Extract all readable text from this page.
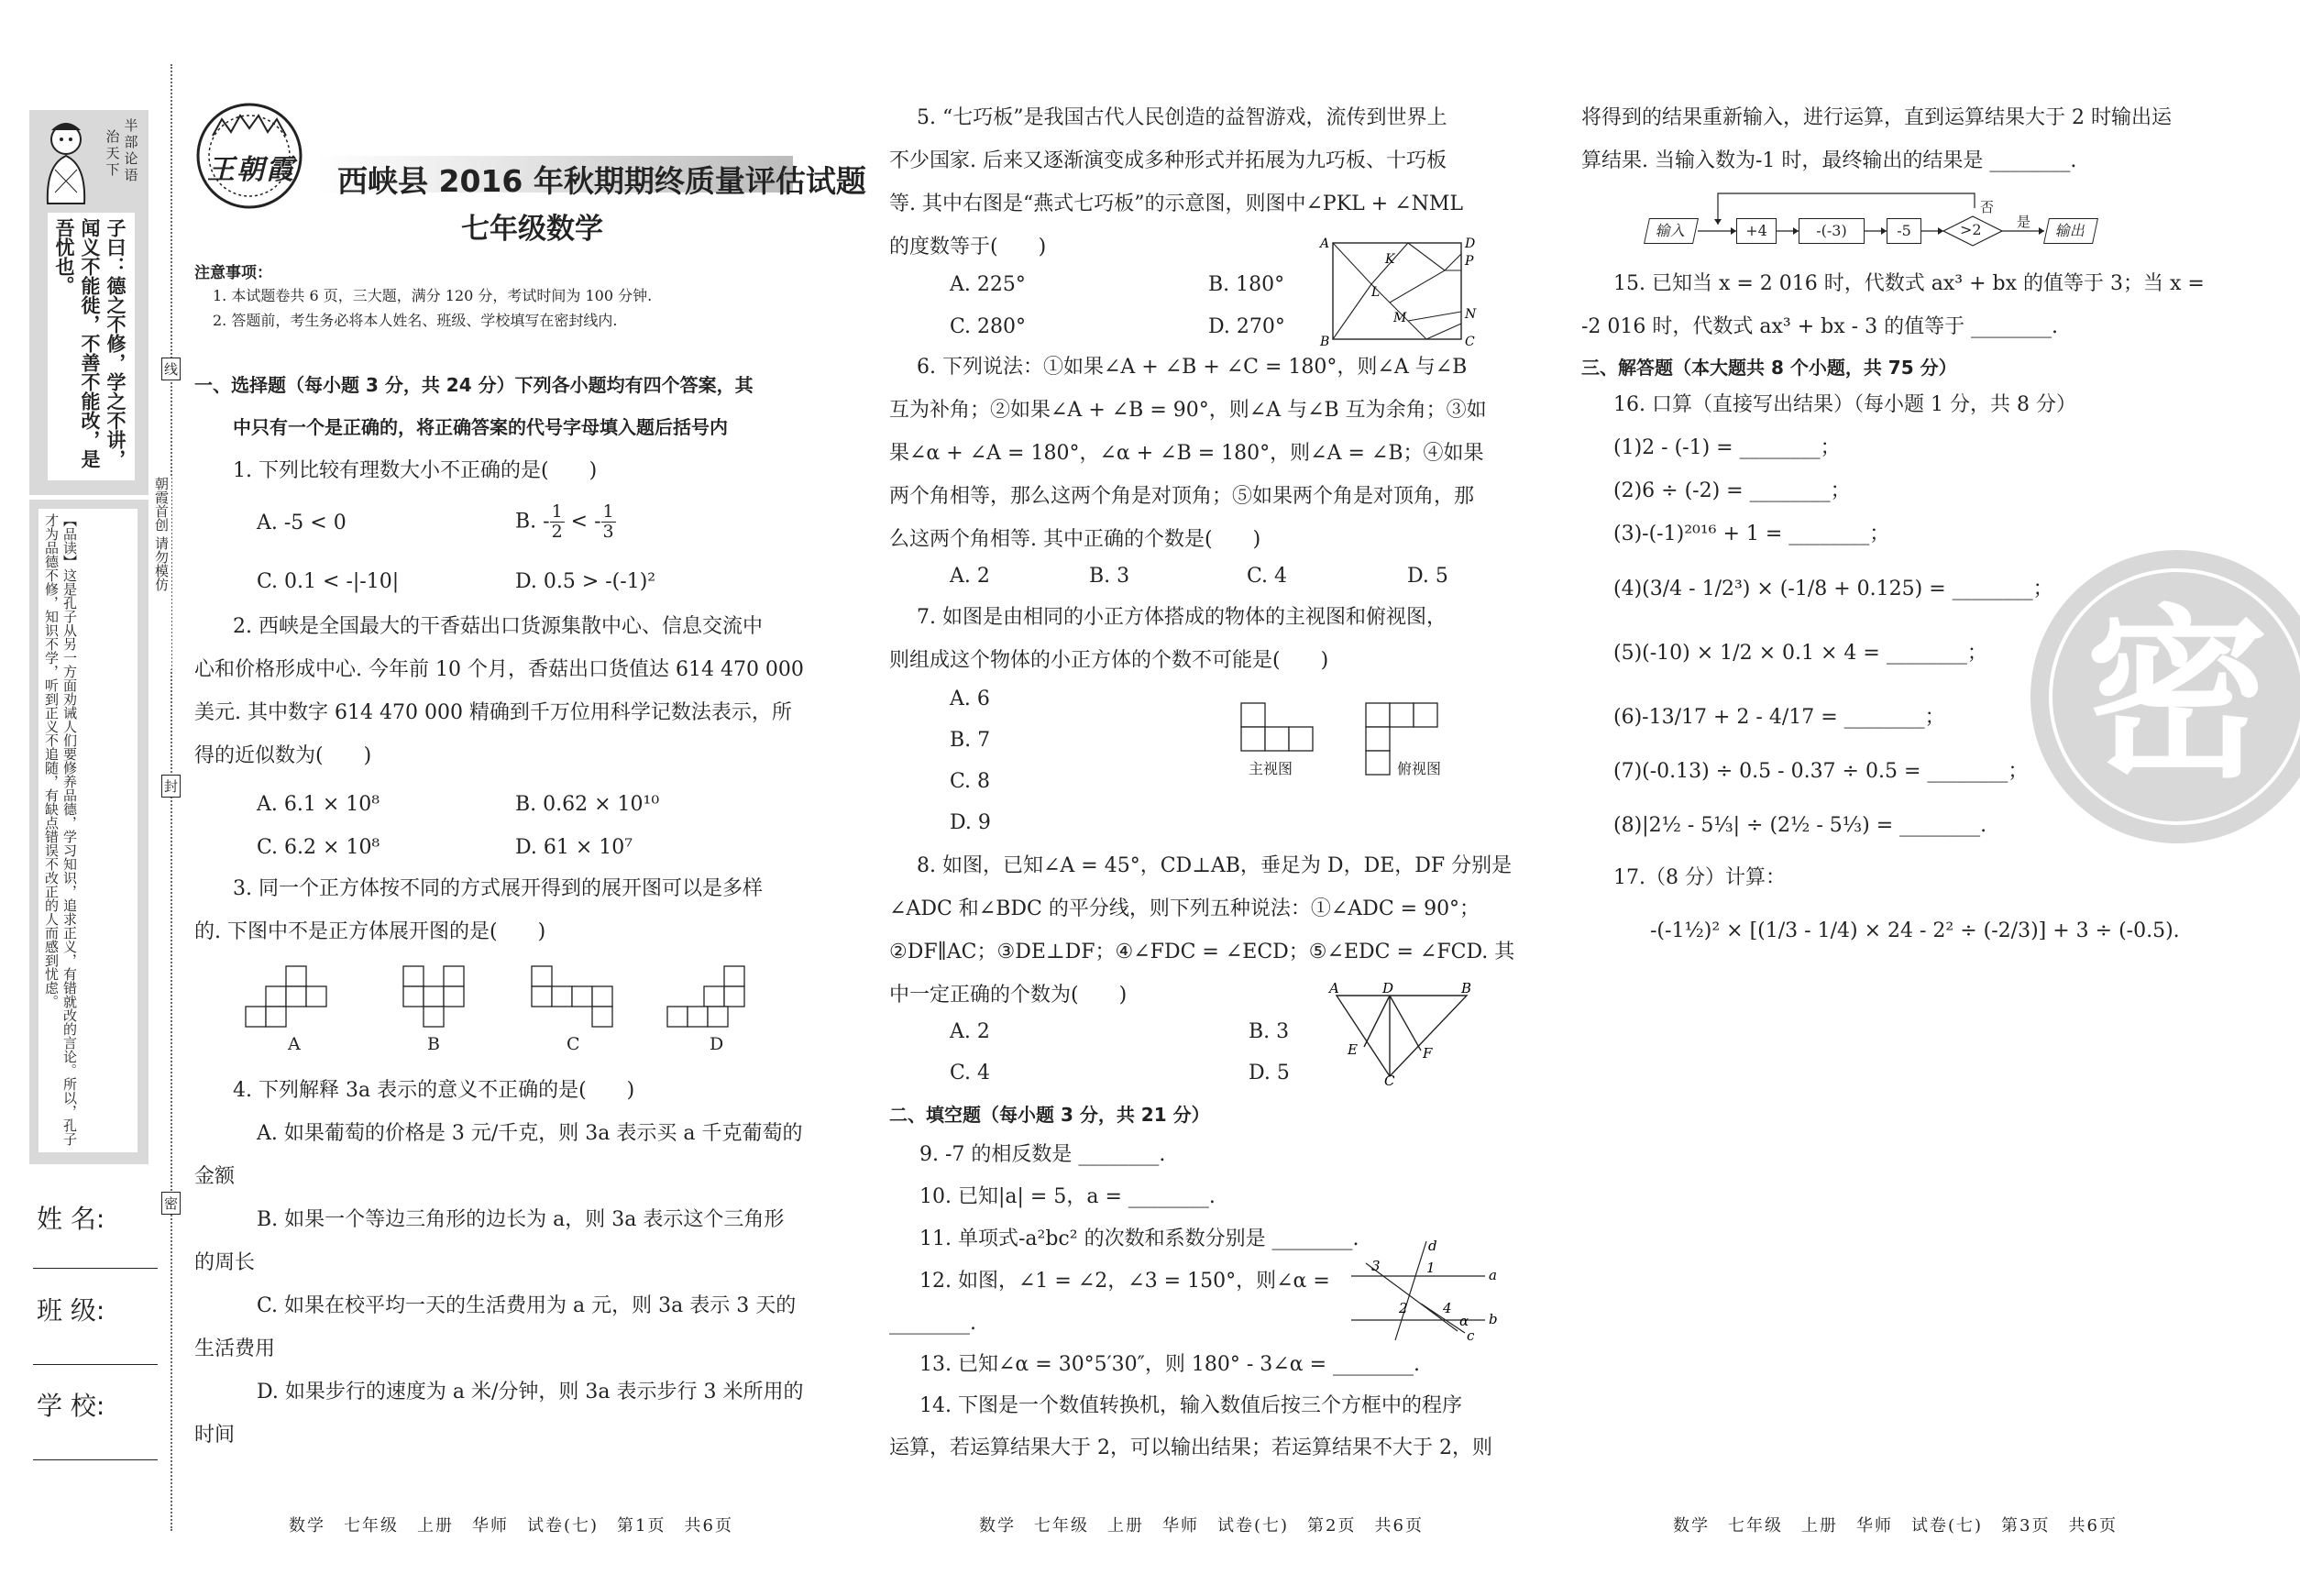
半
部
论
语
治
天
下
子曰：德之不修，学之不讲，闻义不能徙，不善不能改，是吾忧也。
【品读】这是孔子从另一方面劝诫人们要修养品德，学习知识，追求正义，有错就改的言论。所以，孔子才为品德不修，知识不学，听到正义不追随，有缺点错误不改正的人而感到忧虑。
线
朝霞首创 请勿模仿
封
密
姓 名:
班 级:
学 校:
王朝霞 西峡县 2016 年秋期期终质量评估试题
七年级数学
注意事项：
1. 本试题卷共 6 页，三大题，满分 120 分，考试时间为 100 分钟.
2. 答题前，考生务必将本人姓名、班级、学校填写在密封线内.
一、选择题（每小题 3 分，共 24 分）下列各小题均有四个答案，其
中只有一个是正确的，将正确答案的代号字母填入题后括号内
1. 下列比较有理数大小不正确的是(　　)
A. -5 < 0	B. - $\frac{1}{2}$ < - $\frac{1}{3}$
C. 0.1 < -|-10|	D. 0.5 > -(-1)²
2. 西峡是全国最大的干香菇出口货源集散中心、信息交流中
心和价格形成中心. 今年前 10 个月，香菇出口货值达 614 470 000
美元. 其中数字 614 470 000 精确到千万位用科学记数法表示，所
得的近似数为(　　)
A. 6.1 × 10⁸	B. 0.62 × 10¹⁰
C. 6.2 × 10⁸	D. 61 × 10⁷
3. 同一个正方体按不同的方式展开得到的展开图可以是多样
的. 下图中不是正方体展开图的是(　　)
A	B	C	D
4. 下列解释 3a 表示的意义不正确的是(　　)
A. 如果葡萄的价格是 3 元/千克，则 3a 表示买 a 千克葡萄的
金额
B. 如果一个等边三角形的边长为 a，则 3a 表示这个三角形
的周长
C. 如果在校平均一天的生活费用为 a 元，则 3a 表示 3 天的
生活费用
D. 如果步行的速度为 a 米/分钟，则 3a 表示步行 3 米所用的
时间
数学　七年级　上册　华师　试卷(七)　第1页　共6页
5. “七巧板”是我国古代人民创造的益智游戏，流传到世界上
不少国家. 后来又逐渐演变成多种形式并拓展为九巧板、十巧板
等. 其中右图是“燕式七巧板”的示意图，则图中∠PKL + ∠NML
的度数等于(　　)
A. 225°	B. 180°
C. 280°	D. 270°
A	D
P
B
N
C
K
L
M
6. 下列说法：①如果∠A + ∠B + ∠C = 180°，则∠A 与∠B
互为补角；②如果∠A + ∠B = 90°，则∠A 与∠B 互为余角；③如
果∠α + ∠A = 180°，∠α + ∠B = 180°，则∠A = ∠B；④如果
两个角相等，那么这两个角是对顶角；⑤如果两个角是对顶角，那
么这两个角相等. 其中正确的个数是(　　)
A. 2	B. 3	C. 4	D. 5
7. 如图是由相同的小正方体搭成的物体的主视图和俯视图，
则组成这个物体的小正方体的个数不可能是(　　)
A. 6
B. 7
C. 8
D. 9
主视图	俯视图
8. 如图，已知∠A = 45°，CD⊥AB，垂足为 D，DE，DF 分别是
∠ADC 和∠BDC 的平分线，则下列五种说法：①∠ADC = 90°；
②DF∥AC；③DE⊥DF；④∠FDC = ∠ECD；⑤∠EDC = ∠FCD. 其
中一定正确的个数为(　　)
A. 2	B. 3
C. 4	D. 5
A	D	B
E	F
C
二、填空题（每小题 3 分，共 21 分）
9. -7 的相反数是 ________.
10. 已知|a| = 5，a = ________.
11. 单项式-a²bc² 的次数和系数分别是 ________.
12. 如图，∠1 = ∠2，∠3 = 150°，则∠α =
________.
d
a
b
c
3	1
2	4
α
13. 已知∠α = 30°5′30″，则 180° - 3∠α = ________.
14. 下图是一个数值转换机，输入数值后按三个方框中的程序
运算，若运算结果大于 2，可以输出结果；若运算结果不大于 2，则
数学　七年级　上册　华师　试卷(七)　第2页　共6页
将得到的结果重新输入，进行运算，直到运算结果大于 2 时输出运
算结果. 当输入数为-1 时，最终输出的结果是 ________.
输入	+4	-(-3)	-5	>2	输出
是
否
15. 已知当 x = 2 016 时，代数式 ax³ + bx 的值等于 3；当 x =
-2 016 时，代数式 ax³ + bx - 3 的值等于 ________.
三、解答题（本大题共 8 个小题，共 75 分）
16. 口算（直接写出结果）（每小题 1 分，共 8 分）
(1)2 - (-1) = ________；
(2)6 ÷ (-2) = ________；
(3)-(-1)²⁰¹⁶ + 1 = ________；
(4)(3/4 - 1/2³) × (-1/8 + 0.125) = ________；
(5)(-10) × 1/2 × 0.1 × 4 = ________；
(6)-13/17 + 2 - 4/17 = ________；
(7)(-0.13) ÷ 0.5 - 0.37 ÷ 0.5 = ________；
(8)|2½ - 5⅓| ÷ (2½ - 5⅓) = ________.
17.（8 分）计算：
-(-1½)² × [(1/3 - 1/4) × 24 - 2² ÷ (-2/3)] + 3 ÷ (-0.5).
密
数学　七年级　上册　华师　试卷(七)　第3页　共6页
